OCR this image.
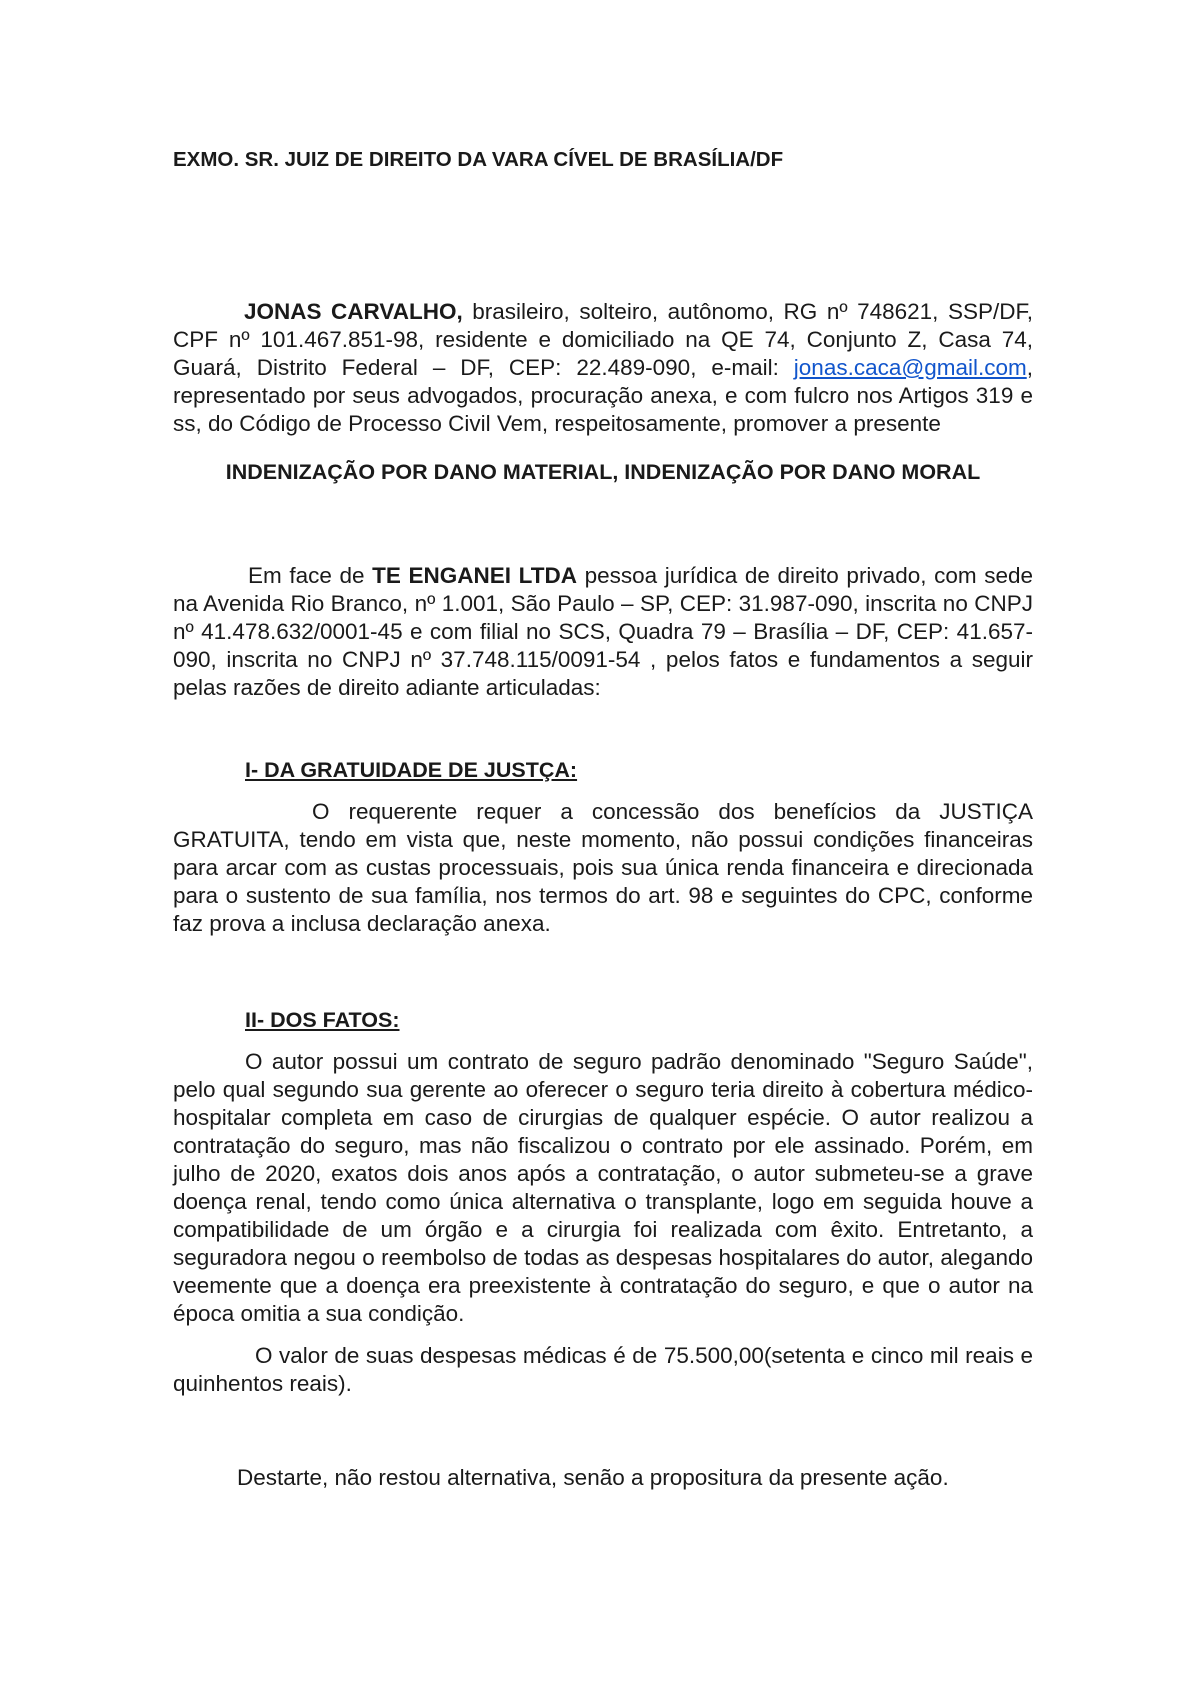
EXMO. SR. JUIZ DE DIREITO DA VARA CÍVEL DE BRASÍLIA/DF

JONAS CARVALHO, brasileiro, solteiro, autônomo, RG nº 748621, SSP/DF, CPF nº 101.467.851-98, residente e domiciliado na QE 74, Conjunto Z, Casa 74, Guará, Distrito Federal – DF, CEP: 22.489-090, e-mail: jonas.caca@gmail.com, representado por seus advogados, procuração anexa, e com fulcro nos Artigos 319 e ss, do Código de Processo Civil Vem, respeitosamente, promover a presente

INDENIZAÇÃO POR DANO MATERIAL, INDENIZAÇÃO POR DANO MORAL

Em face de TE ENGANEI LTDA pessoa jurídica de direito privado, com sede na Avenida Rio Branco, nº 1.001, São Paulo – SP, CEP: 31.987-090, inscrita no CNPJ nº 41.478.632/0001-45 e com filial no SCS, Quadra 79 – Brasília – DF, CEP: 41.657-090, inscrita no CNPJ nº 37.748.115/0091-54 , pelos fatos e fundamentos a seguir pelas razões de direito adiante articuladas:

I- DA GRATUIDADE DE JUSTÇA:

O requerente requer a concessão dos benefícios da JUSTIÇA GRATUITA, tendo em vista que, neste momento, não possui condições financeiras para arcar com as custas processuais, pois sua única renda financeira e direcionada para o sustento de sua família, nos termos do art. 98 e seguintes do CPC, conforme faz prova a inclusa declaração anexa.

II- DOS FATOS:

O autor possui um contrato de seguro padrão denominado "Seguro Saúde", pelo qual segundo sua gerente ao oferecer o seguro teria direito à cobertura médico-hospitalar completa em caso de cirurgias de qualquer espécie. O autor realizou a contratação do seguro, mas não fiscalizou o contrato por ele assinado. Porém, em julho de 2020, exatos dois anos após a contratação, o autor submeteu-se a grave doença renal, tendo como única alternativa o transplante, logo em seguida houve a compatibilidade de um órgão e a cirurgia foi realizada com êxito. Entretanto, a seguradora negou o reembolso de todas as despesas hospitalares do autor, alegando veemente que a doença era preexistente à contratação do seguro, e que o autor na época omitia a sua condição.

O valor de suas despesas médicas é de 75.500,00(setenta e cinco mil reais e quinhentos reais).

Destarte, não restou alternativa, senão a propositura da presente ação.
